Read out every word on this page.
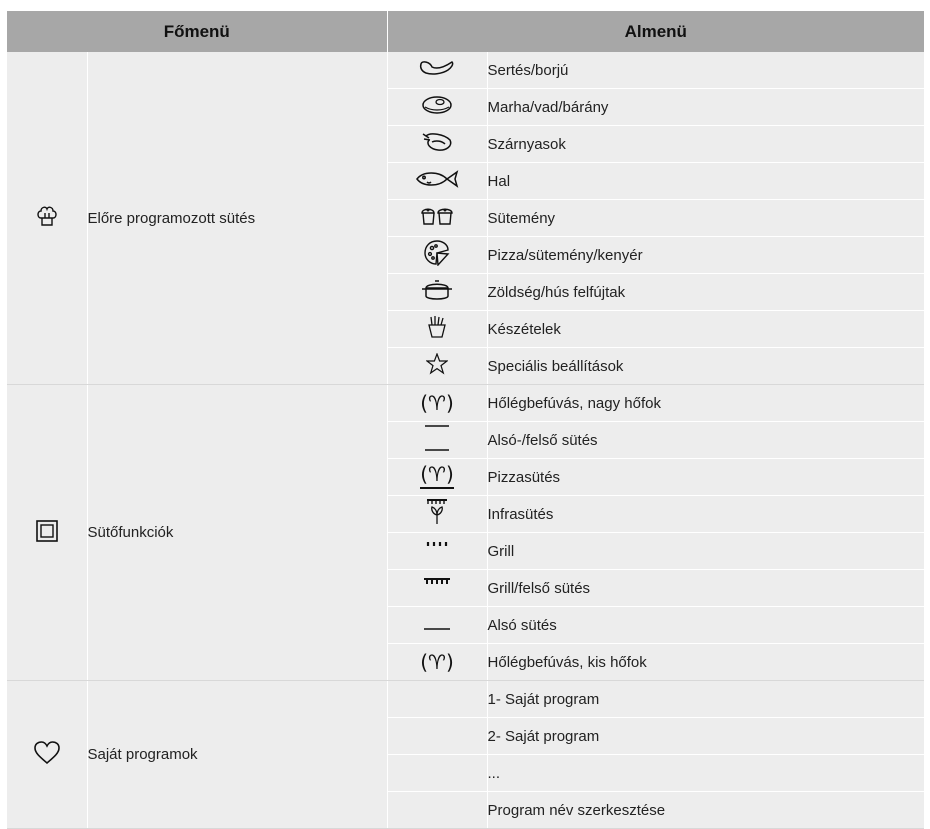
Főmenü		Almenü	
	Előre programozott sütés		Sertés/borjú
	Marha/vad/bárány
	Szárnyasok
	Hal
	Sütemény
	Pizza/sütemény/kenyér
	Zöldség/hús felfújtak
	Készételek
	Speciális beállítások
	Sütőfunkciók	(♈)	Hőlégbefúvás, nagy hőfok
	Alsó-/felső sütés

		(♈)	Pizzasütés
	Infrasütés
	Grill
	Grill/felső sütés
	Alsó sütés
		(♈)	Hőlégbefúvás, kis hőfok
	Saját programok		1- Saját program
			2- Saját program
			...
			Program név szerkesztése
